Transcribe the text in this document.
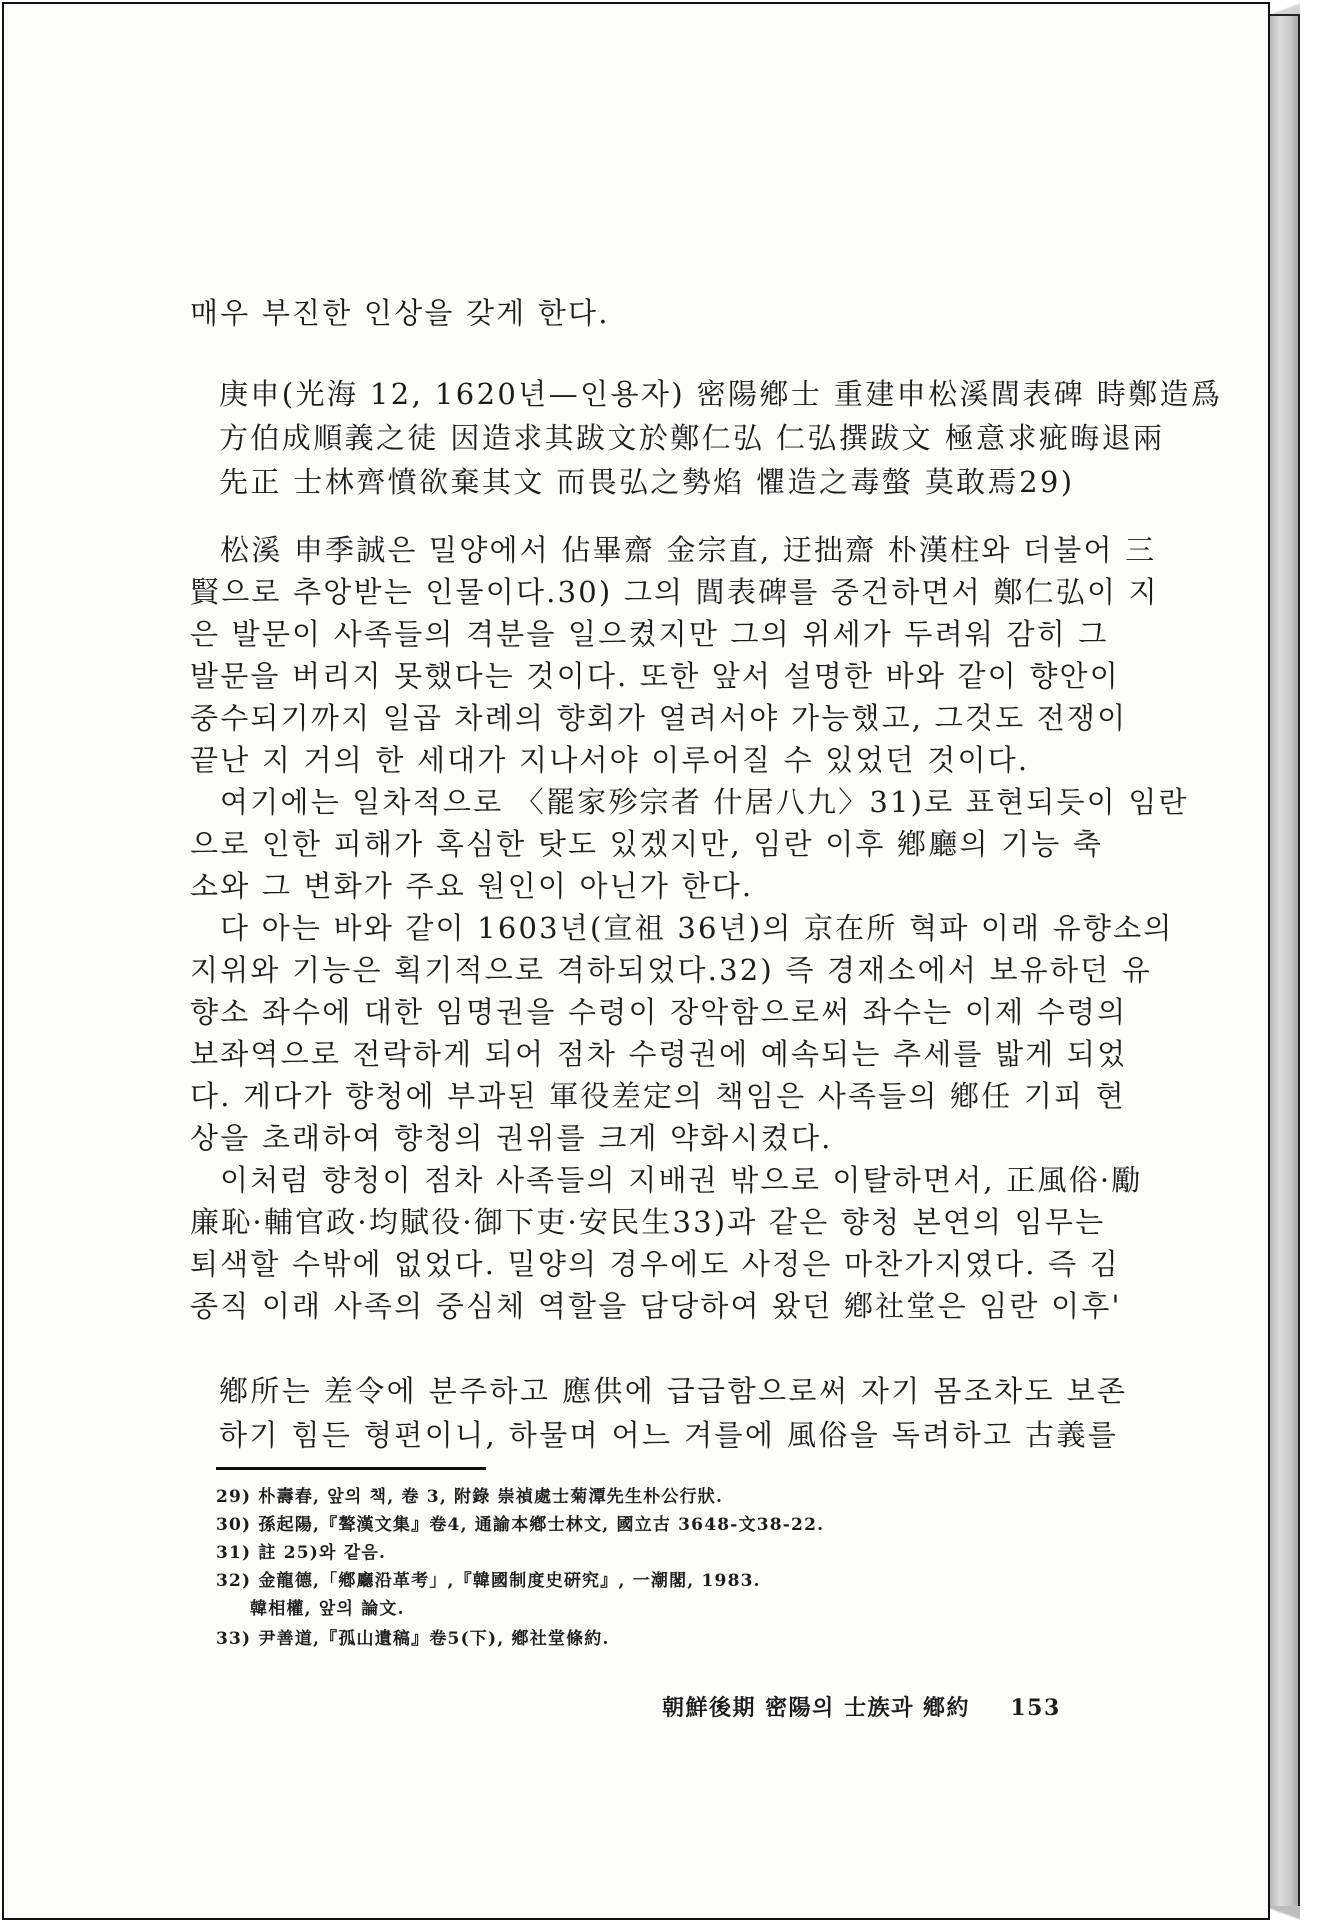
매우 부진한 인상을 갖게 한다.
庚申(光海 12, 1620년—인용자) 密陽鄕士 重建申松溪閭表碑 時鄭造爲
方伯成順義之徒 因造求其跋文於鄭仁弘 仁弘撰跋文 極意求疵晦退兩
先正 士林齊憤欲棄其文 而畏弘之勢焰 懼造之毒螫 莫敢焉29)
松溪 申季誠은 밀양에서 佔畢齋 金宗直, 迂拙齋 朴漢柱와 더불어 三
賢으로 추앙받는 인물이다.30) 그의 閭表碑를 중건하면서 鄭仁弘이 지
은 발문이 사족들의 격분을 일으켰지만 그의 위세가 두려워 감히 그
발문을 버리지 못했다는 것이다. 또한 앞서 설명한 바와 같이 향안이
중수되기까지 일곱 차례의 향회가 열려서야 가능했고, 그것도 전쟁이
끝난 지 거의 한 세대가 지나서야 이루어질 수 있었던 것이다.
여기에는 일차적으로 〈罷家殄宗者 什居八九〉31)로 표현되듯이 임란
으로 인한 피해가 혹심한 탓도 있겠지만, 임란 이후 鄕廳의 기능 축
소와 그 변화가 주요 원인이 아닌가 한다.
다 아는 바와 같이 1603년(宣祖 36년)의 京在所 혁파 이래 유향소의
지위와 기능은 획기적으로 격하되었다.32) 즉 경재소에서 보유하던 유
향소 좌수에 대한 임명권을 수령이 장악함으로써 좌수는 이제 수령의
보좌역으로 전락하게 되어 점차 수령권에 예속되는 추세를 밟게 되었
다. 게다가 향청에 부과된 軍役差定의 책임은 사족들의 鄕任 기피 현
상을 초래하여 향청의 권위를 크게 약화시켰다.
이처럼 향청이 점차 사족들의 지배권 밖으로 이탈하면서, 正風俗·勵
廉恥·輔官政·均賦役·御下吏·安民生33)과 같은 향청 본연의 임무는
퇴색할 수밖에 없었다. 밀양의 경우에도 사정은 마찬가지였다. 즉 김
종직 이래 사족의 중심체 역할을 담당하여 왔던 鄕社堂은 임란 이후'
鄕所는 差令에 분주하고 應供에 급급함으로써 자기 몸조차도 보존
하기 힘든 형편이니, 하물며 어느 겨를에 風俗을 독려하고 古義를
29) 朴壽春, 앞의 책, 卷 3, 附錄 崇禎處士菊潭先生朴公行狀.
30) 孫起陽,『聱漢文集』卷4, 通諭本鄕士林文, 國立古 3648-文38-22.
31) 註 25)와 같음.
32) 金龍德,「鄕廳沿革考」,『韓國制度史硏究』, 一潮閣, 1983.
韓相權, 앞의 論文.
33) 尹善道,『孤山遺稿』卷5(下), 鄕社堂條約.
朝鮮後期 密陽의 士族과 鄕約 153
